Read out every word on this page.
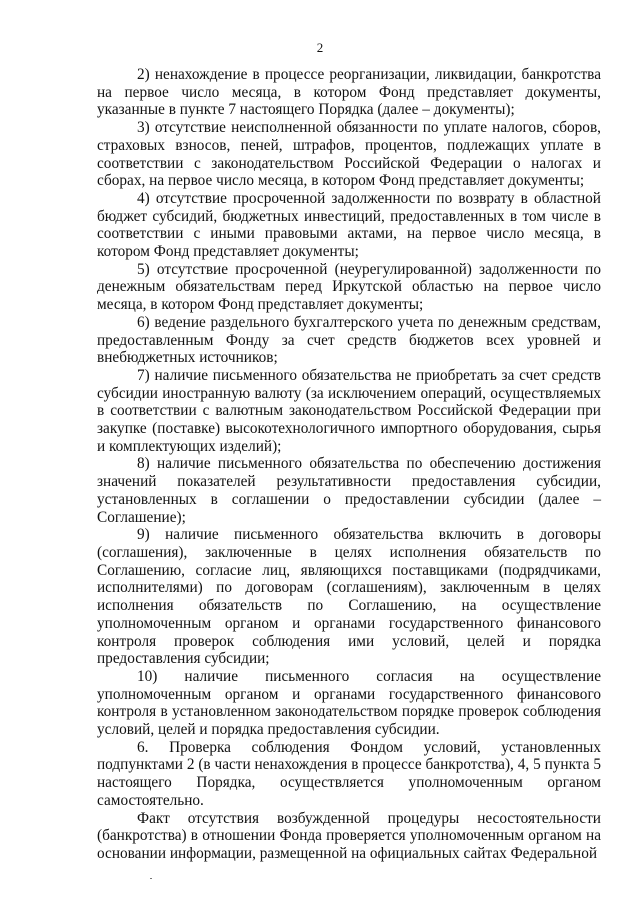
2

2) ненахождение в процессе реорганизации, ликвидации, банкротства на первое число месяца, в котором Фонд представляет документы, указанные в пункте 7 настоящего Порядка (далее – документы);

3) отсутствие неисполненной обязанности по уплате налогов, сборов, страховых взносов, пеней, штрафов, процентов, подлежащих уплате в соответствии с законодательством Российской Федерации о налогах и сборах, на первое число месяца, в котором Фонд представляет документы;

4) отсутствие просроченной задолженности по возврату в областной бюджет субсидий, бюджетных инвестиций, предоставленных в том числе в соответствии с иными правовыми актами, на первое число месяца, в котором Фонд представляет документы;

5) отсутствие просроченной (неурегулированной) задолженности по денежным обязательствам перед Иркутской областью на первое число месяца, в котором Фонд представляет документы;

6) ведение раздельного бухгалтерского учета по денежным средствам, предоставленным Фонду за счет средств бюджетов всех уровней и внебюджетных источников;

7) наличие письменного обязательства не приобретать за счет средств субсидии иностранную валюту (за исключением операций, осуществляемых в соответствии с валютным законодательством Российской Федерации при закупке (поставке) высокотехнологичного импортного оборудования, сырья и комплектующих изделий);

8) наличие письменного обязательства по обеспечению достижения значений показателей результативности предоставления субсидии, установленных в соглашении о предоставлении субсидии (далее – Соглашение);

9) наличие письменного обязательства включить в договоры (соглашения), заключенные в целях исполнения обязательств по Соглашению, согласие лиц, являющихся поставщиками (подрядчиками, исполнителями) по договорам (соглашениям), заключенным в целях исполнения обязательств по Соглашению, на осуществление уполномоченным органом и органами государственного финансового контроля проверок соблюдения ими условий, целей и порядка предоставления субсидии;

10) наличие письменного согласия на осуществление уполномоченным органом и органами государственного финансового контроля в установленном законодательством порядке проверок соблюдения условий, целей и порядка предоставления субсидии.

6. Проверка соблюдения Фондом условий, установленных подпунктами 2 (в части ненахождения в процессе банкротства), 4, 5 пункта 5 настоящего Порядка, осуществляется уполномоченным органом самостоятельно.

Факт отсутствия возбужденной процедуры несостоятельности (банкротства) в отношении Фонда проверяется уполномоченным органом на основании информации, размещенной на официальных сайтах Федеральной
